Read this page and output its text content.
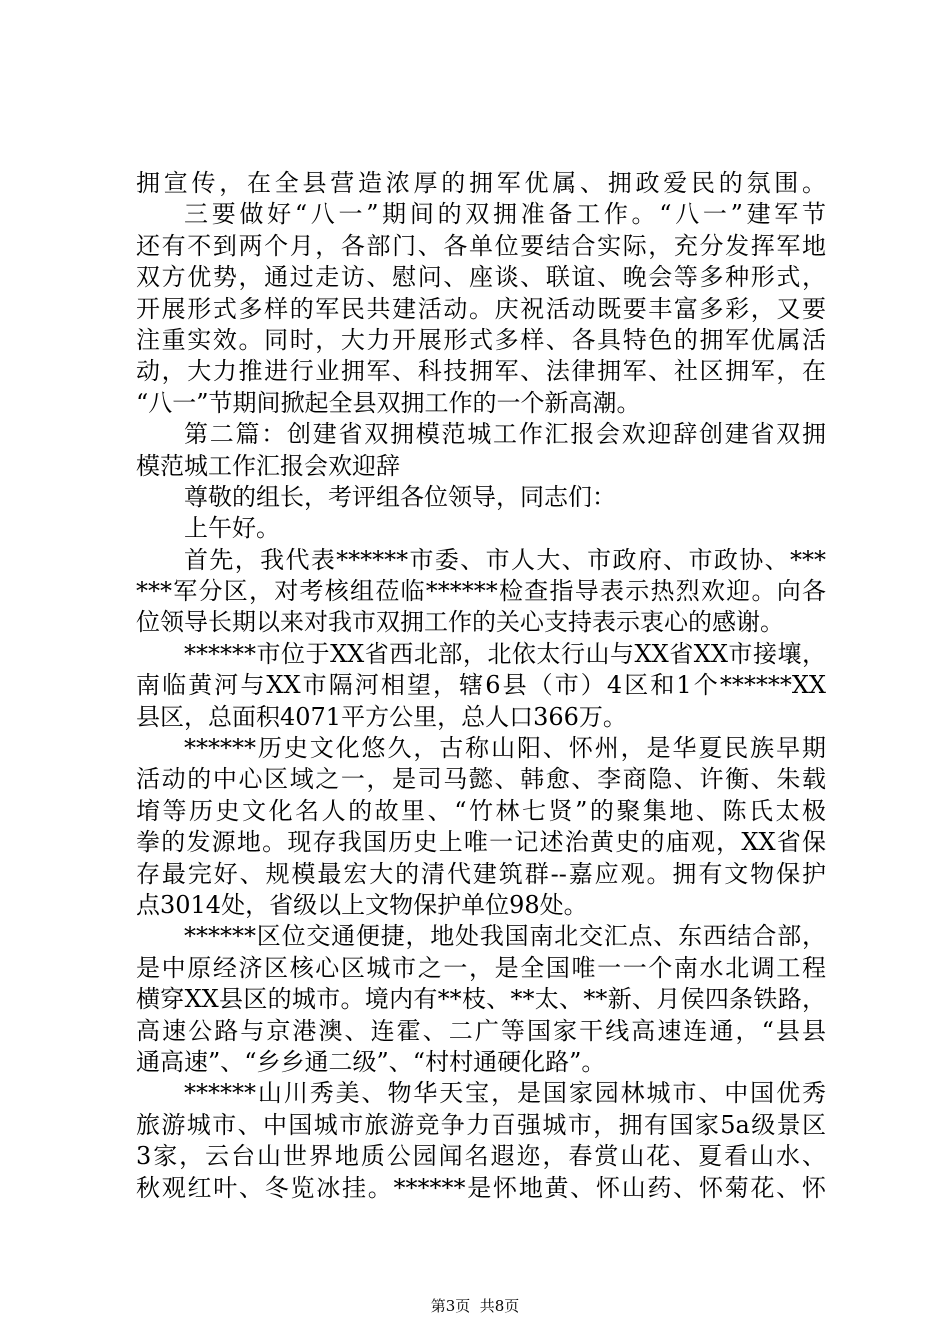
拥宣传，在全县营造浓厚的拥军优属、拥政爱民的氛围。
三要做好“八一”期间的双拥准备工作。“八一”建军节
还有不到两个月，各部门、各单位要结合实际，充分发挥军地
双方优势，通过走访、慰问、座谈、联谊、晚会等多种形式，
开展形式多样的军民共建活动。庆祝活动既要丰富多彩，又要
注重实效。同时，大力开展形式多样、各具特色的拥军优属活
动，大力推进行业拥军、科技拥军、法律拥军、社区拥军，在
“八一”节期间掀起全县双拥工作的一个新高潮。
第二篇：创建省双拥模范城工作汇报会欢迎辞创建省双拥
模范城工作汇报会欢迎辞
尊敬的组长，考评组各位领导，同志们：
上午好。
首先，我代表******市委、市人大、市政府、市政协、***
***军分区，对考核组莅临******检查指导表示热烈欢迎。向各
位领导长期以来对我市双拥工作的关心支持表示衷心的感谢。
******市位于XX省西北部，北依太行山与XX省XX市接壤，
南临黄河与XX市隔河相望，辖6县（市）4区和1个******XX
县区，总面积4071平方公里，总人口366万。
******历史文化悠久，古称山阳、怀州，是华夏民族早期
活动的中心区域之一，是司马懿、韩愈、李商隐、许衡、朱载
堉等历史文化名人的故里、“竹林七贤”的聚集地、陈氏太极
拳的发源地。现存我国历史上唯一记述治黄史的庙观，XX省保
存最完好、规模最宏大的清代建筑群--嘉应观。拥有文物保护
点3014处，省级以上文物保护单位98处。
******区位交通便捷，地处我国南北交汇点、东西结合部，
是中原经济区核心区城市之一，是全国唯一一个南水北调工程
横穿XX县区的城市。境内有**枝、**太、**新、月侯四条铁路，
高速公路与京港澳、连霍、二广等国家干线高速连通，“县县
通高速”、“乡乡通二级”、“村村通硬化路”。
******山川秀美、物华天宝，是国家园林城市、中国优秀
旅游城市、中国城市旅游竞争力百强城市，拥有国家5a级景区
3家，云台山世界地质公园闻名遐迩，春赏山花、夏看山水、
秋观红叶、冬览冰挂。******是怀地黄、怀山药、怀菊花、怀
第3页  共8页
